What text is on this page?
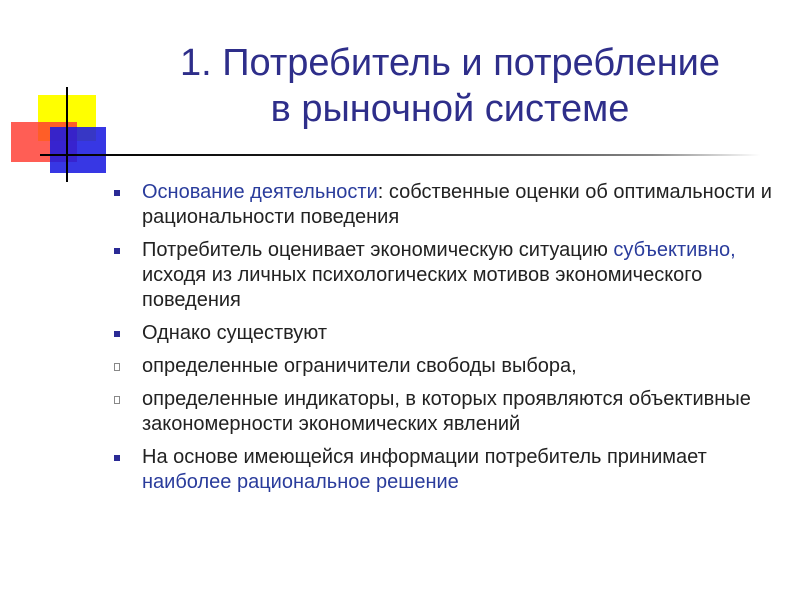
1. Потребитель и потребление
в рыночной системе
Основание деятельности: собственные оценки об оптимальности и рациональности поведения
Потребитель оценивает экономическую ситуацию субъективно, исходя из личных психологических мотивов экономического поведения
Однако существуют
определенные ограничители свободы выбора,
определенные индикаторы, в которых проявляются объективные закономерности экономических явлений
На основе имеющейся информации потребитель принимает наиболее рациональное решение
